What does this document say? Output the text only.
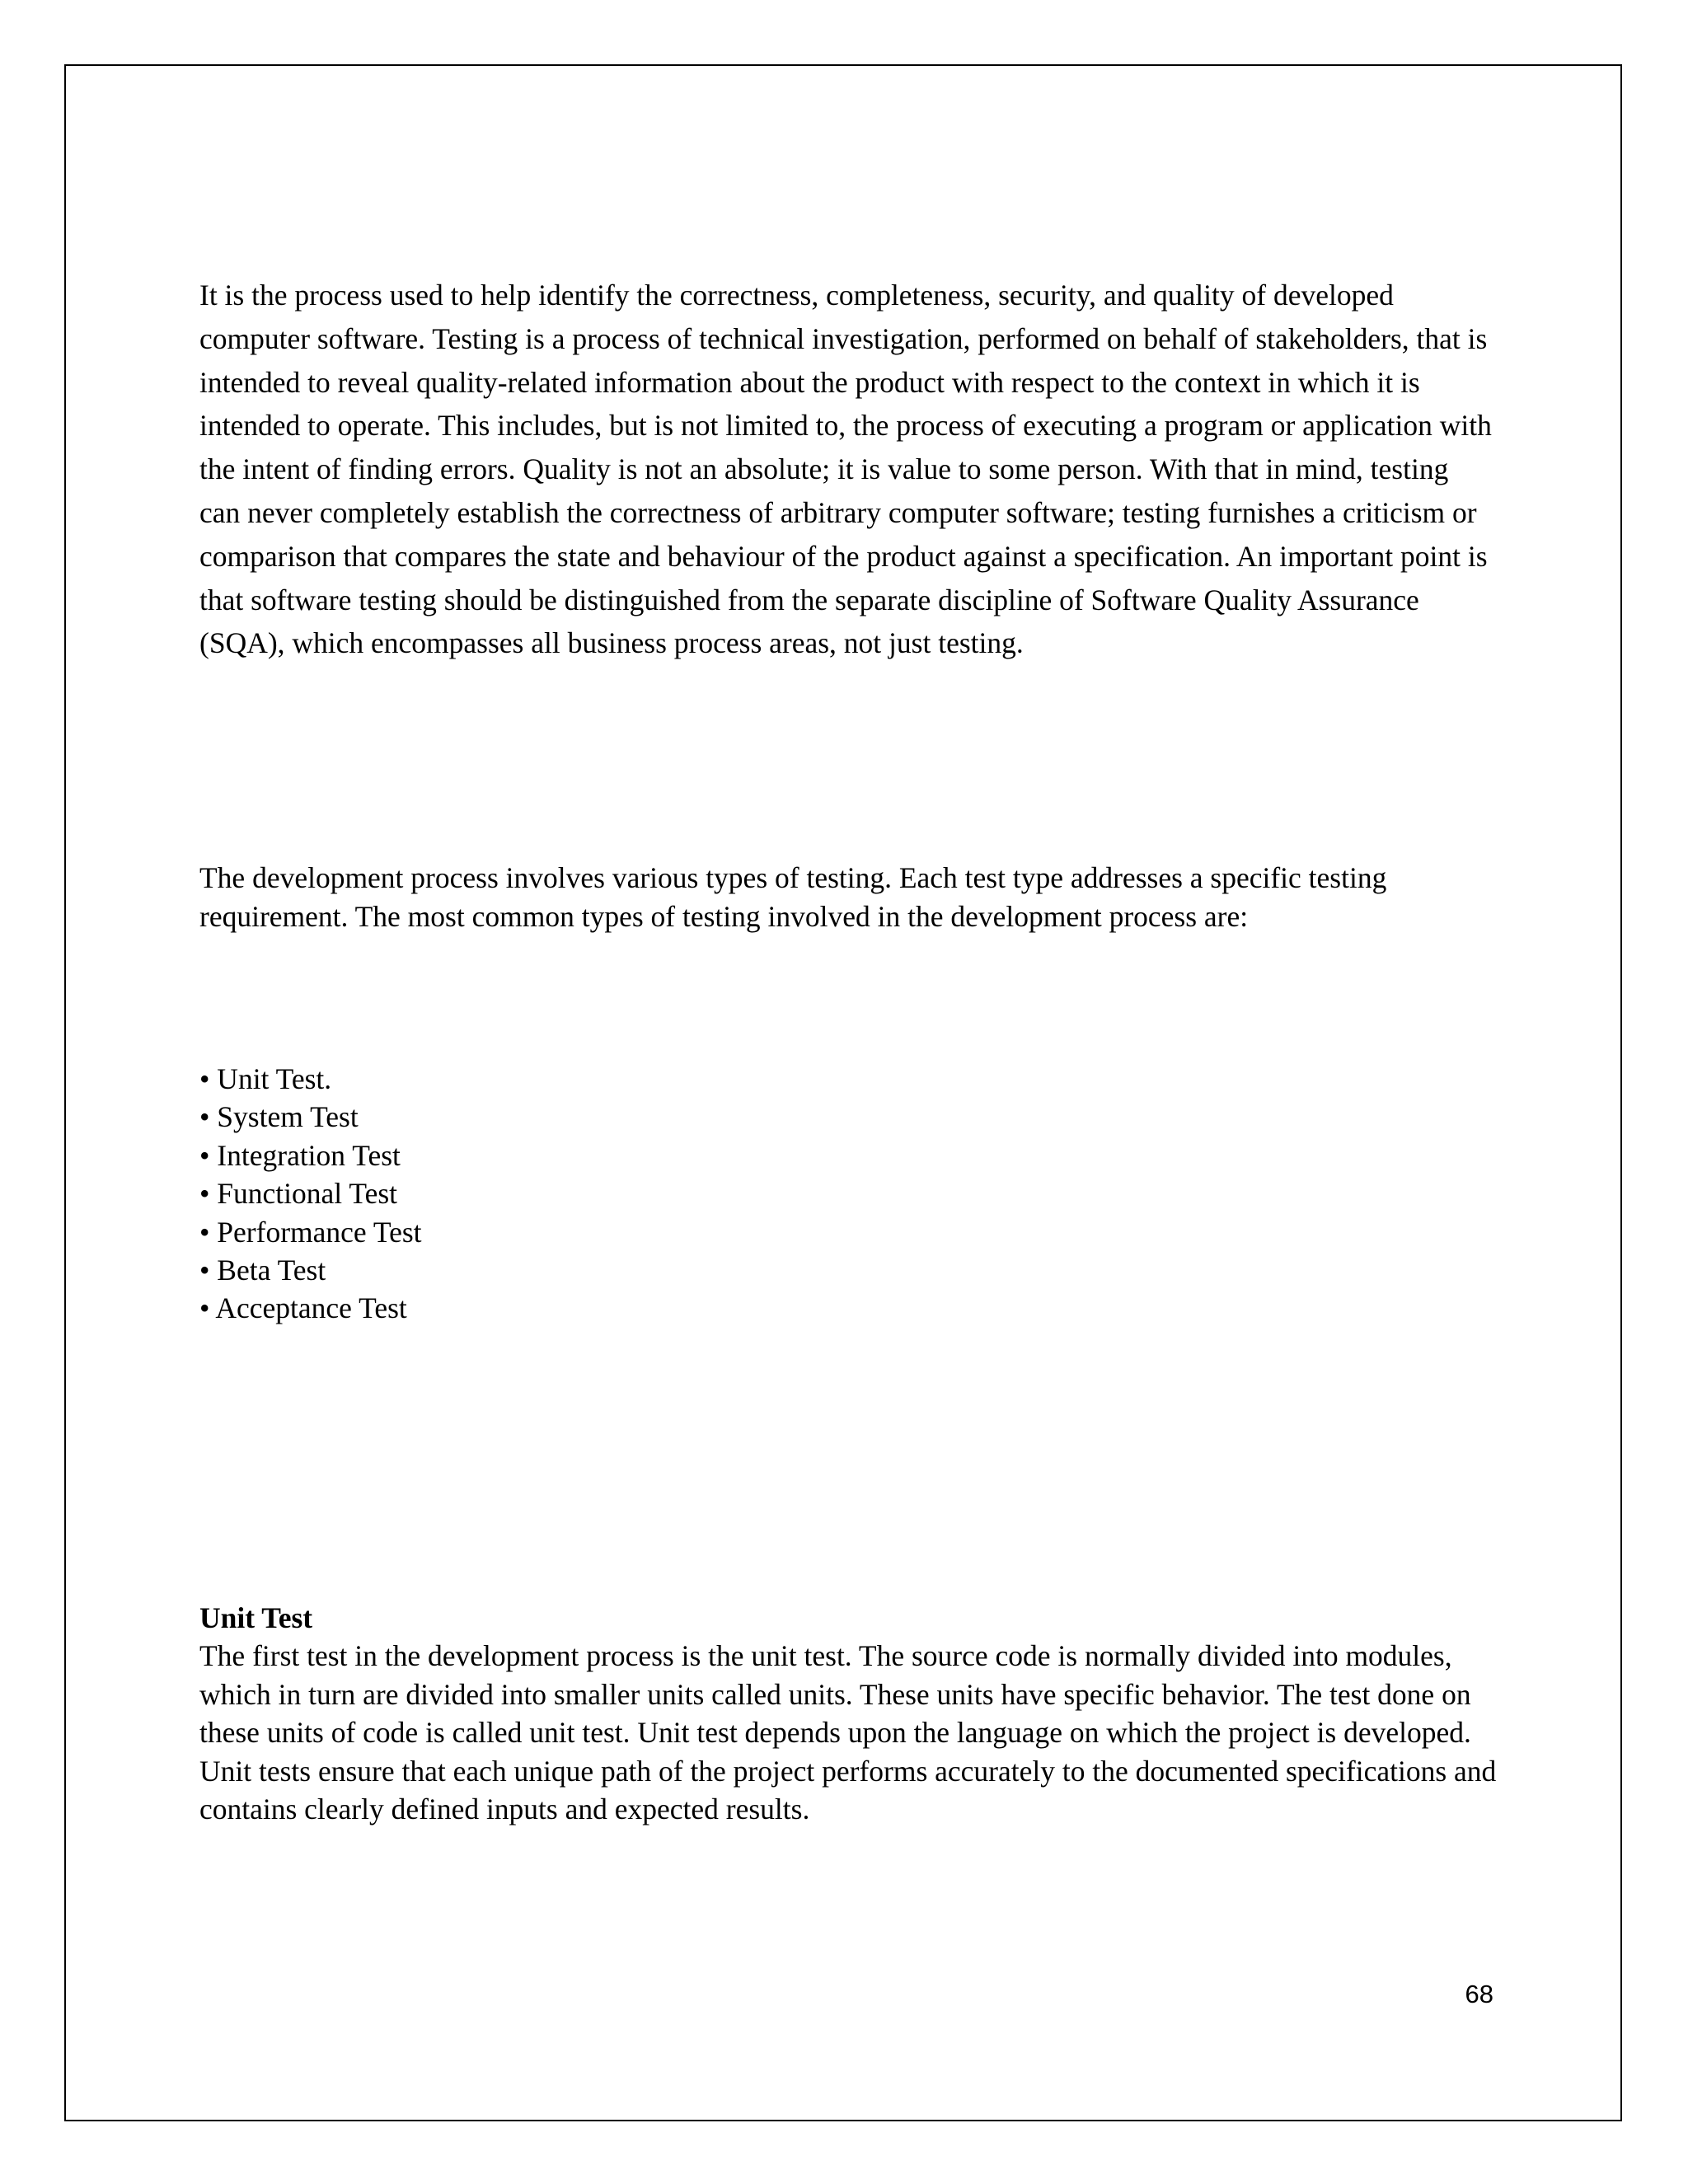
It is the process used to help identify the correctness, completeness, security, and quality of developed computer software. Testing is a process of technical investigation, performed on behalf of stakeholders, that is intended to reveal quality-related information about the product with respect to the context in which it is intended to operate. This includes, but is not limited to, the process of executing a program or application with the intent of finding errors. Quality is not an absolute; it is value to some person. With that in mind, testing can never completely establish the correctness of arbitrary computer software; testing furnishes a criticism or comparison that compares the state and behaviour of the product against a specification. An important point is that software testing should be distinguished from the separate discipline of Software Quality Assurance (SQA), which encompasses all business process areas, not just testing.

The development process involves various types of testing. Each test type addresses a specific testing requirement. The most common types of testing involved in the development process are:

• Unit Test.
• System Test
• Integration Test
• Functional Test
• Performance Test
• Beta Test
• Acceptance Test
Unit Test

The first test in the development process is the unit test. The source code is normally divided into modules, which in turn are divided into smaller units called units. These units have specific behavior. The test done on these units of code is called unit test. Unit test depends upon the language on which the project is developed. Unit tests ensure that each unique path of the project performs accurately to the documented specifications and contains clearly defined inputs and expected results.

68
